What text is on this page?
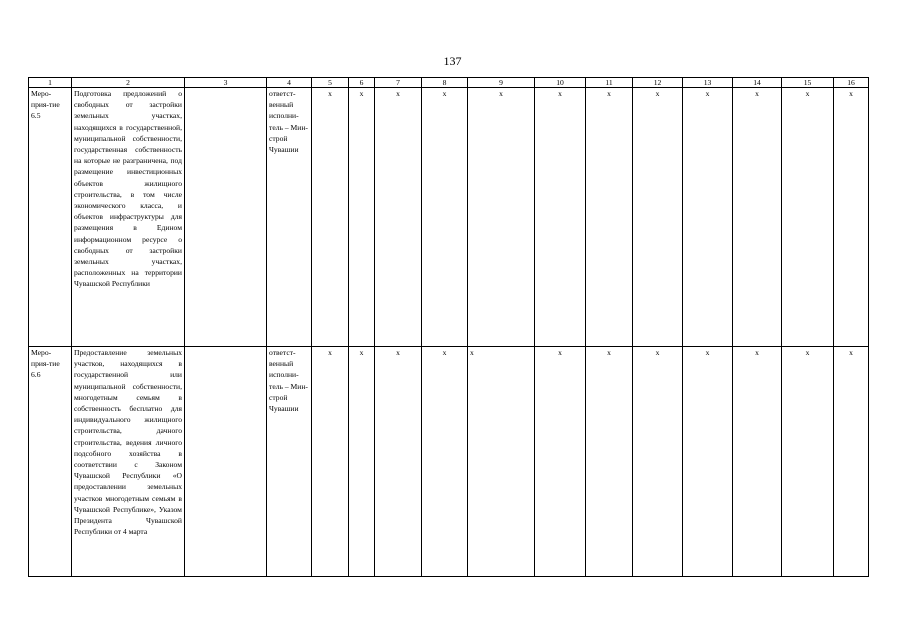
137
1	2	3	4	5	6	7	8	9	10	11	12	13	14	15	16
Меро-прия-тие 6.5	Подготовка предложений о свободных от застройки земельных участках, находящихся в государственной, муниципальной собственности, государственная собственность на которые не разграничена, под размещение инвестиционных объектов жилищного строительства, в том числе экономического класса, и объектов инфраструктуры для размещения в Едином информационном ресурсе о свободных от застройки земельных участках, расположенных на территории Чувашской Республики		ответст-венный исполни-тель – Мин-строй Чувашии	x	x	x	x	x	x	x	x	x	x	x	x
Меро-прия-тие 6.6	Предоставление земельных участков, находящихся в государственной или муниципальной собственности, многодетным семьям в собственность бесплатно для индивидуального жилищного строительства, дачного строительства, ведения личного подсобного хозяйства в соответствии с Законом Чувашской Республики «О предоставлении земельных участков многодетным семьям в Чувашской Республике», Указом Президента Чувашской Республики от 4 марта		ответст-венный исполни-тель – Мин-строй Чувашии	x	x	x	x	x	x	x	x	x	x	x	x
